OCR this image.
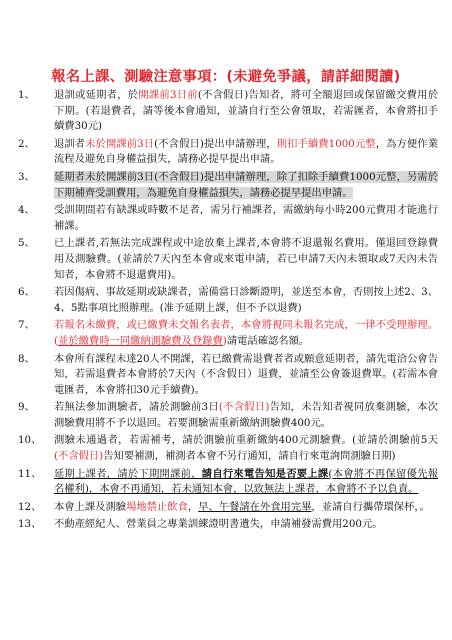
報名上課、測驗注意事項：(未避免爭議，請詳細閱讀)
1、	退訓或延期者，於開課前3日前(不含假日)告知者，將可全額退回或保留繳交費用於下期。(若退費者，請等後本會通知，並請自行至公會領取，若需匯者，本會將扣手續費30元)
2、	退訓者未於開課前3日(不含假日)提出申請辦理，則扣手續費1000元整，為方便作業流程及避免自身權益損失，請務必提早提出申請。
3、	延期者未於開課前3日(不含假日)提出申請辦理，除了扣除手續費1000元整，另需於下期補齊受訓費用，為避免自身權益損失，請務必提早提出申請。
4、	受訓期間若有缺課或時數不足者，需另行補課者，需繳納每小時200元費用才能進行補課。
5、	已上課者,若無法完成課程或中途放棄上課者,本會將不退還報名費用。僅退回登錄費用及測驗費。(並請於7天內至本會或來電申請，若已申請7天內未領取或7天內未告知者，本會將不退還費用)。
6、	若因傷病、事故延期或缺課者，需備當日診斷證明，並送至本會，否則按上述2、3、4、5點事項比照辦理。(准予延期上課，但不予以退費)
7、	若報名未繳費，或已繳費未交報名表者，本會將視同未報名完成，一律不受理辦理。(並於繳費時一同繳納測驗費及登錄費)請電話確認名額。
8、	本會所有課程未達20人不開課，若已繳費需退費者者或願意延期者，請先電洽公會告知，若需退費者本會將於7天內（不含假日）退費，並請至公會簽退費單。(若需本會電匯者，本會將扣30元手續費)。
9、	若無法參加測驗者，請於測驗前3日(不含假日)告知，未告知者視同放棄測驗，本次測驗費用將不予以退回。若要測驗需重新繳納測驗費400元。
10、	測驗未通過者，若需補考，請於測驗前重新繳納400元測驗費。(並請於測驗前5天(不含假日)告知要補測，補測者本會不另行通知，請自行來電詢問測驗日期)
11、	延期上課者，請於下期開課前，請自行來電告知是否要上課(本會將不再保留優先報名權利)，本會不再通知，若未通知本會，以致無法上課者，本會將不予以負責。
12、	本會上課及測驗場地禁止飲食，早、午餐請在外食用完畢，並請自行攜帶環保杯，。
13、	不動產經紀人、營業員之專業訓練證明書遺失，申請補發需費用200元。
